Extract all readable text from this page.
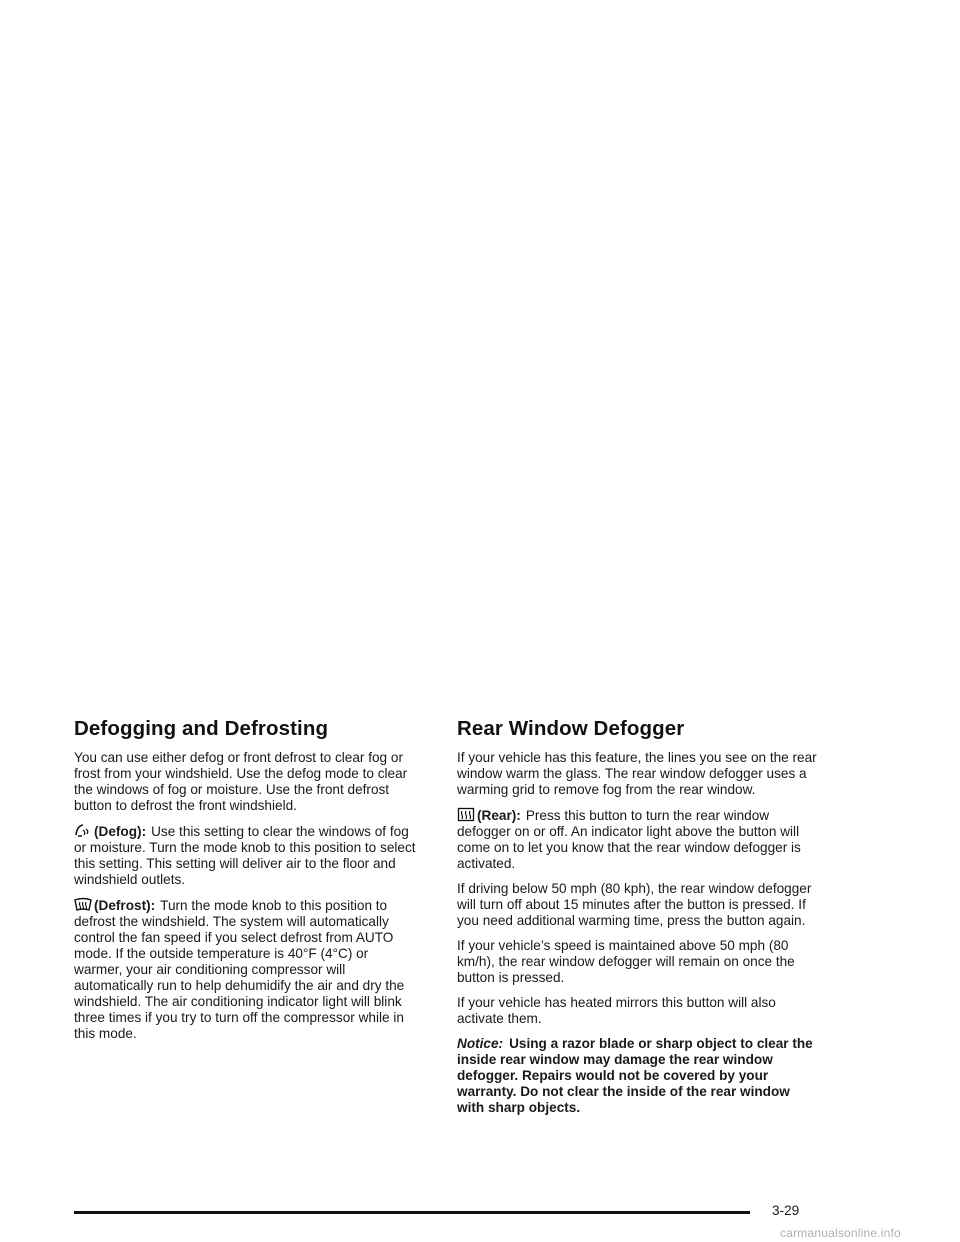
Defogging and Defrosting

You can use either defog or front defrost to clear fog or frost from your windshield. Use the defog mode to clear the windows of fog or moisture. Use the front defrost button to defrost the front windshield.

(Defog): Use this setting to clear the windows of fog or moisture. Turn the mode knob to this position to select this setting. This setting will deliver air to the floor and windshield outlets.

(Defrost): Turn the mode knob to this position to defrost the windshield. The system will automatically control the fan speed if you select defrost from AUTO mode. If the outside temperature is 40°F (4°C) or warmer, your air conditioning compressor will automatically run to help dehumidify the air and dry the windshield. The air conditioning indicator light will blink three times if you try to turn off the compressor while in this mode.

Rear Window Defogger

If your vehicle has this feature, the lines you see on the rear window warm the glass. The rear window defogger uses a warming grid to remove fog from the rear window.

(Rear): Press this button to turn the rear window defogger on or off. An indicator light above the button will come on to let you know that the rear window defogger is activated.

If driving below 50 mph (80 kph), the rear window defogger will turn off about 15 minutes after the button is pressed. If you need additional warming time, press the button again.

If your vehicle’s speed is maintained above 50 mph (80 km/h), the rear window defogger will remain on once the button is pressed.

If your vehicle has heated mirrors this button will also activate them.

Notice: Using a razor blade or sharp object to clear the inside rear window may damage the rear window defogger. Repairs would not be covered by your warranty. Do not clear the inside of the rear window with sharp objects.

3-29
carmanualsonline.info
